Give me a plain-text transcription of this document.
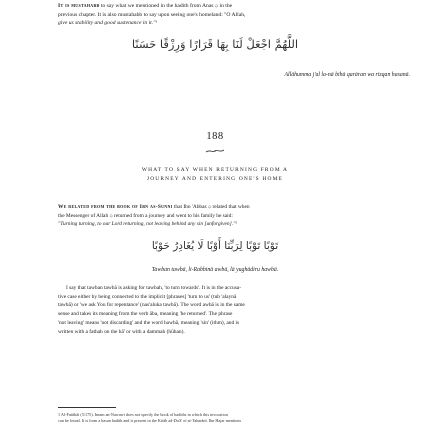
It is mustahabb to say what we mentioned in the hadith from Anas ۞ in the
previous chapter. It is also mustahabb to say upon seeing one's homeland: "O Allah,
give us stability and good sustenance in it."¹
اللَّهُمَّ اجْعَلْ لَنَا بِهَا قَرَارًا وَرِزْقًا حَسَنًا
Allāhumma j'al la-nā bihā qarāran wa rizqan hasanā.
188
WHAT TO SAY WHEN RETURNING FROM A
JOURNEY AND ENTERING ONE'S HOME
We related from the book of Ibn as-Sunni that Ibn 'Abbas ۞ related that when
the Messenger of Allah ۞ returned from a journey and went to his family he said:
"Turning turning, to our Lord returning, not leaving behind any sin [unforgiven]."²
تَوْبًا تَوْبًا لِرَبِّنَا أَوْبًا لَا يُغَادِرُ حَوْبًا
Tawban tawbā, li-Rabbinā awbā, lā yughādiru hawbā.
I say that tawban tawbā is asking for tawbah, 'to turn towards'. It is in the accusa-
tive case either by being connected to the implicit [phrases] 'turn to us' (tub 'alaynā
tawbā) or 'we ask You for repentance' (nas'aluka tawbā). The word awbā is in the same
sense and takes its meaning from the verb āba, meaning 'he returned'. The phrase
'not leaving' means 'not discarding' and the word hawbā, meaning 'sin' (ithm), and is
written with a fathah on the hā' or with a dammah (hūban).
1 Al-Futūhāt (5/175). Imam an-Nawawi does not specify the book of hadiths in which this invocation
can be found. It is from a hasan hadith and is present in the Kitāb ad-Du'ā' of at-Tabarānī. Ibn Hajar mentions
